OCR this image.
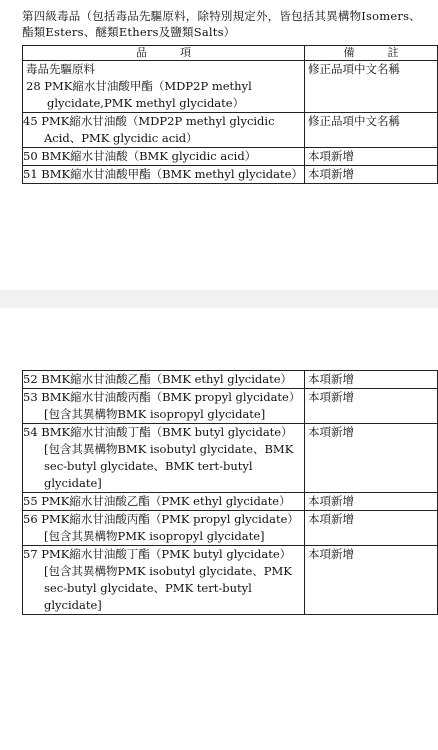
第四級毒品（包括毒品先驅原料，除特別規定外，皆包括其異構物Isomers、酯類Esters、醚類Ethers及鹽類Salts）
品　　　項	備　　　註

毒品先驅原料
28 PMK縮水甘油酸甲酯（MDP2P methyl glycidate,PMK methyl glycidate）	修正品項中文名稱
45 PMK縮水甘油酸（MDP2P methyl glycidic Acid、PMK glycidic acid）	修正品項中文名稱
50 BMK縮水甘油酸（BMK glycidic acid）	本項新增
51 BMK縮水甘油酸甲酯（BMK methyl glycidate）	本項新增
52 BMK縮水甘油酸乙酯（BMK ethyl glycidate）	本項新增
53 BMK縮水甘油酸丙酯（BMK propyl glycidate）[包含其異構物BMK isopropyl glycidate]	本項新增
54 BMK縮水甘油酸丁酯（BMK butyl glycidate）[包含其異構物BMK isobutyl glycidate、BMK sec-butyl glycidate、BMK tert-butyl glycidate]	本項新增
55 PMK縮水甘油酸乙酯（PMK ethyl glycidate）	本項新增
56 PMK縮水甘油酸丙酯（PMK propyl glycidate）[包含其異構物PMK isopropyl glycidate]	本項新增
57 PMK縮水甘油酸丁酯（PMK butyl glycidate）[包含其異構物PMK isobutyl glycidate、PMK sec-butyl glycidate、PMK tert-butyl glycidate]	本項新增
